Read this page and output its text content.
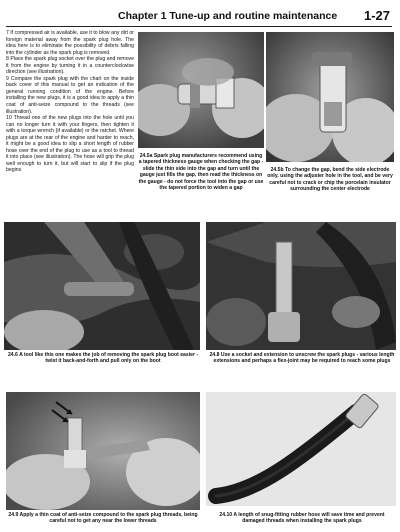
Chapter 1 Tune-up and routine maintenance 1-27

7 If compressed air is available, use it to blow any dirt or foreign material away from the spark plug hole. The idea here is to eliminate the possibility of debris falling into the cylinder as the spark plug is removed.

8 Place the spark plug socket over the plug and remove it from the engine by turning it in a counterclockwise direction (see illustration).

9 Compare the spark plug with the chart on the inside back cover of this manual to get an indication of the general running condition of the engine. Before installing the new plugs, it is a good idea to apply a thin coat of anti-seize compound to the threads (see illustration).

10 Thread one of the new plugs into the hole until you can no longer turn it with your fingers, then tighten it with a torque wrench (if available) or the ratchet. Where plugs are at the rear of the engine and harder to reach, it might be a good idea to slip a short length of rubber hose over the end of the plug to use as a tool to thread it into place (see illustration). The hose will grip the plug well enough to turn it, but will start to slip if the plug begins

24.5a Spark plug manufacturers recommend using a tapered thickness gauge when checking the gap - slide the thin side into the gap and turn until the gauge just fills the gap, then read the thickness on the gauge - do not force the tool into the gap or use the tapered portion to widen a gap
24.5b To change the gap, bend the side electrode only, using the adjuster hole in the tool, and be very careful not to crack or chip the porcelain insulator surrounding the center electrode
24.6 A tool like this one makes the job of removing the spark plug boot easier - twist it back-and-forth and pull only on the boot
24.8 Use a socket and extension to unscrew the spark plugs - various length extensions and perhaps a flex-joint may be required to reach some plugs
24.9 Apply a thin coat of anti-seize compound to the spark plug threads, being careful not to get any near the lower threads
24.10 A length of snug-fitting rubber hose will save time and prevent damaged threads when installing the spark plugs
